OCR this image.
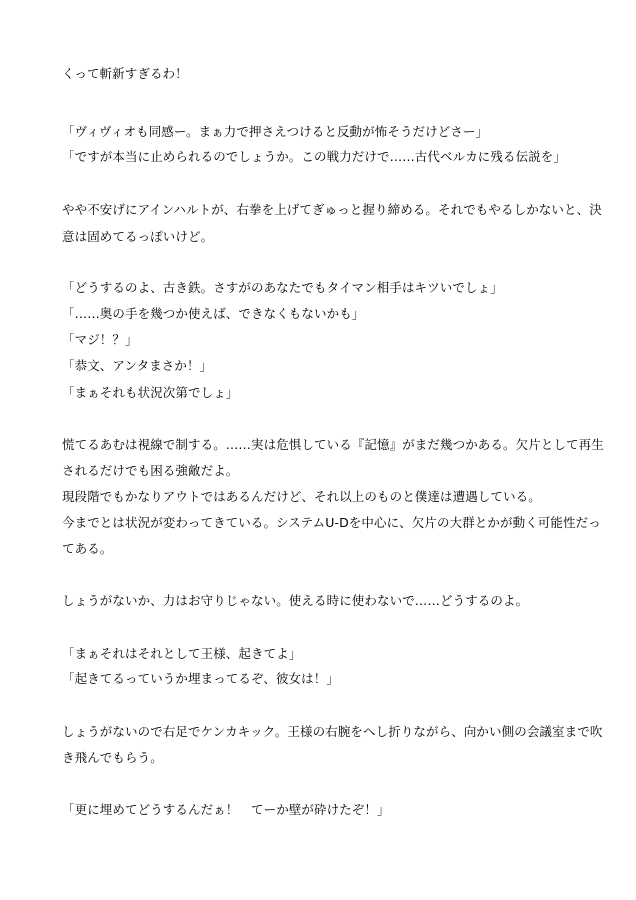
くって斬新すぎるわ！
「ヴィヴィオも同感ー。まぁ力で押さえつけると反動が怖そうだけどさー」
「ですが本当に止められるのでしょうか。この戦力だけで……古代ベルカに残る伝説を」
やや不安げにアインハルトが、右拳を上げてぎゅっと握り締める。それでもやるしかないと、決
意は固めてるっぽいけど。
「どうするのよ、古き鉄。さすがのあなたでもタイマン相手はキツいでしょ」
「……奥の手を幾つか使えば、できなくもないかも」
「マジ！？」
「恭文、アンタまさか！」
「まぁそれも状況次第でしょ」
慌てるあむは視線で制する。……実は危惧している『記憶』がまだ幾つかある。欠片として再生
されるだけでも困る強敵だよ。
現段階でもかなりアウトではあるんだけど、それ以上のものと僕達は遭遇している。
今までとは状況が変わってきている。システムU-Dを中心に、欠片の大群とかが動く可能性だっ
てある。
しょうがないか、力はお守りじゃない。使える時に使わないで……どうするのよ。
「まぁそれはそれとして王様、起きてよ」
「起きてるっていうか埋まってるぞ、彼女は！」
しょうがないので右足でケンカキック。王様の右腕をへし折りながら、向かい側の会議室まで吹
き飛んでもらう。
「更に埋めてどうするんだぁ！　てーか壁が砕けたぞ！」
